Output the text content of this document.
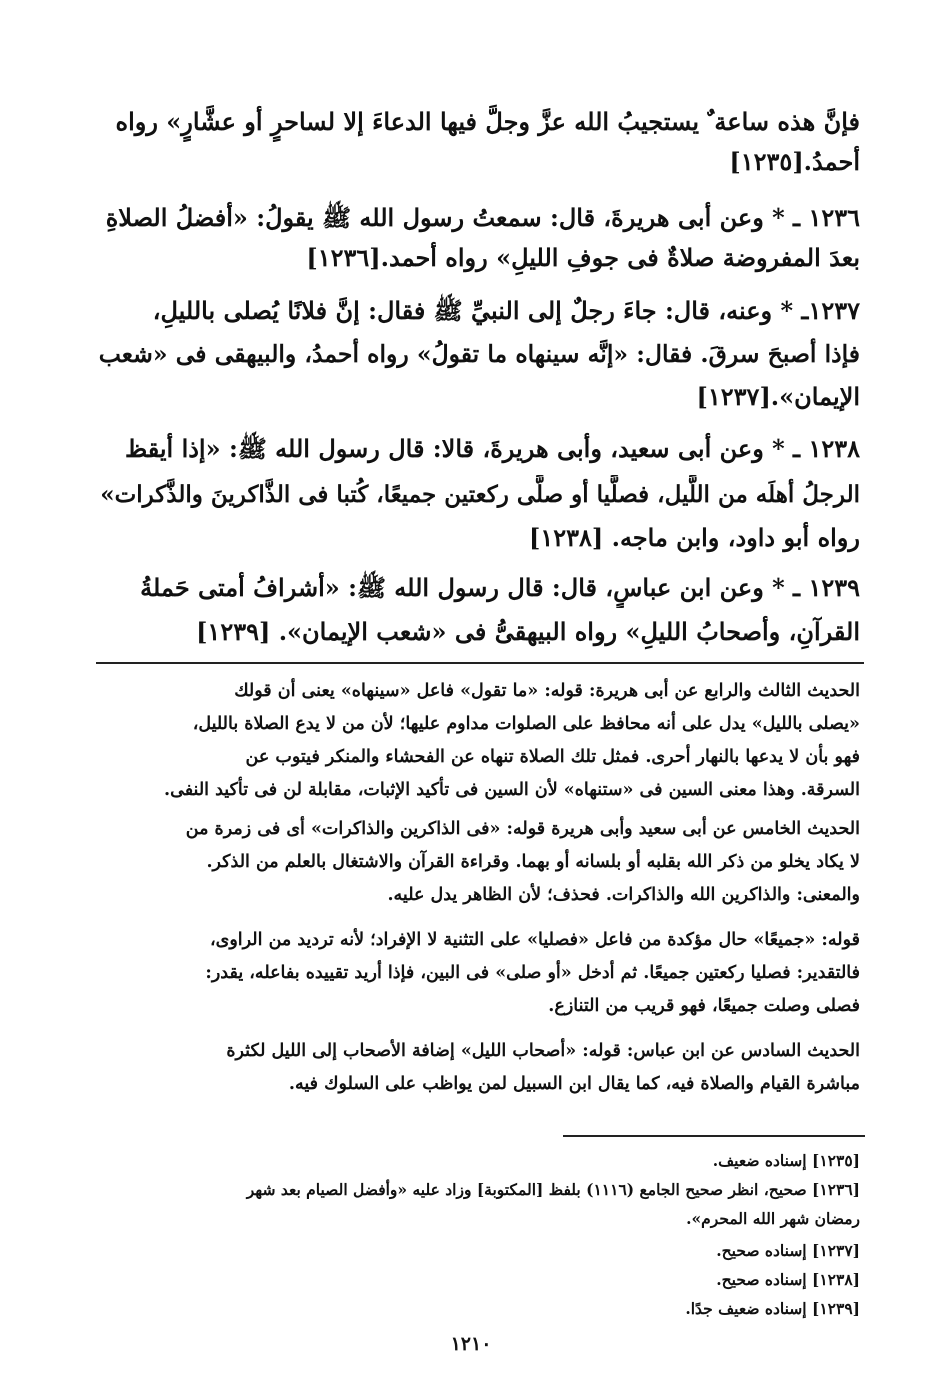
فإنَّ هذه ساعة ٌ يستجيبُ الله عزَّ وجلَّ فيها الدعاءَ إلا لساحرٍ أو عشَّارٍ» رواه
أحمدُ.[١٢٣٥]
١٢٣٦ ـ * وعن أبى هريرةَ، قال: سمعتُ رسول الله ﷺ يقولُ: «أفضلُ الصلاةِ
بعدَ المفروضة صلاةٌ فى جوفِ الليلِ» رواه أحمد.[١٢٣٦]
١٢٣٧ـ * وعنه، قال: جاءَ رجلٌ إلى النبيِّ ﷺ فقال: إنَّ فلانًا يُصلى بالليلِ،
فإذا أصبحَ سرقَ. فقال: «إنَّه سينهاه ما تقولُ» رواه أحمدُ، والبيهقى فى «شعب
الإيمان».[١٢٣٧]
١٢٣٨ ـ * وعن أبى سعيد، وأبى هريرةَ، قالا: قال رسول الله ﷺ: «إذا أيقظ
الرجلُ أهلَه من اللَّيل، فصلَّيا أو صلَّى ركعتين جميعًا، كُتبا فى الذَّاكرينَ والذَّكرات»
رواه أبو داود، وابن ماجه. [١٢٣٨]
١٢٣٩ ـ * وعن ابن عباسٍ، قال: قال رسول الله ﷺ: «أشرافُ أمتى حَملةُ
القرآنِ، وأصحابُ الليلِ» رواه البيهقىُّ فى «شعب الإيمان». [١٢٣٩]
الحديث الثالث والرابع عن أبى هريرة: قوله: «ما تقول» فاعل «سينهاه» يعنى أن قولك
«يصلى بالليل» يدل على أنه محافظ على الصلوات مداوم عليها؛ لأن من لا يدع الصلاة بالليل،
فهو بأن لا يدعها بالنهار أحرى. فمثل تلك الصلاة تنهاه عن الفحشاء والمنكر فيتوب عن
السرقة. وهذا معنى السين فى «ستنهاه» لأن السين فى تأكيد الإثبات، مقابلة لن فى تأكيد النفى.
الحديث الخامس عن أبى سعيد وأبى هريرة قوله: «فى الذاكرين والذاكرات» أى فى زمرة من
لا يكاد يخلو من ذكر الله بقلبه أو بلسانه أو بهما. وقراءة القرآن والاشتغال بالعلم من الذكر.
والمعنى: والذاكرين الله والذاكرات. فحذف؛ لأن الظاهر يدل عليه.
قوله: «جميعًا» حال مؤكدة من فاعل «فصليا» على التثنية لا الإفراد؛ لأنه ترديد من الراوى،
فالتقدير: فصليا ركعتين جميعًا. ثم أدخل «أو صلى» فى البين، فإذا أريد تقييده بفاعله، يقدر:
فصلى وصلت جميعًا، فهو قريب من التنازع.
الحديث السادس عن ابن عباس: قوله: «أصحاب الليل» إضافة الأصحاب إلى الليل لكثرة
مباشرة القيام والصلاة فيه، كما يقال ابن السبيل لمن يواظب على السلوك فيه.
[١٢٣٥] إسناده ضعيف.
[١٢٣٦] صحيح، انظر صحيح الجامع (١١١٦) بلفظ [المكتوبة] وزاد عليه «وأفضل الصيام بعد شهر
رمضان شهر الله المحرم».
[١٢٣٧] إسناده صحيح.
[١٢٣٨] إسناده صحيح.
[١٢٣٩] إسناده ضعيف جدًا.
١٢١٠
